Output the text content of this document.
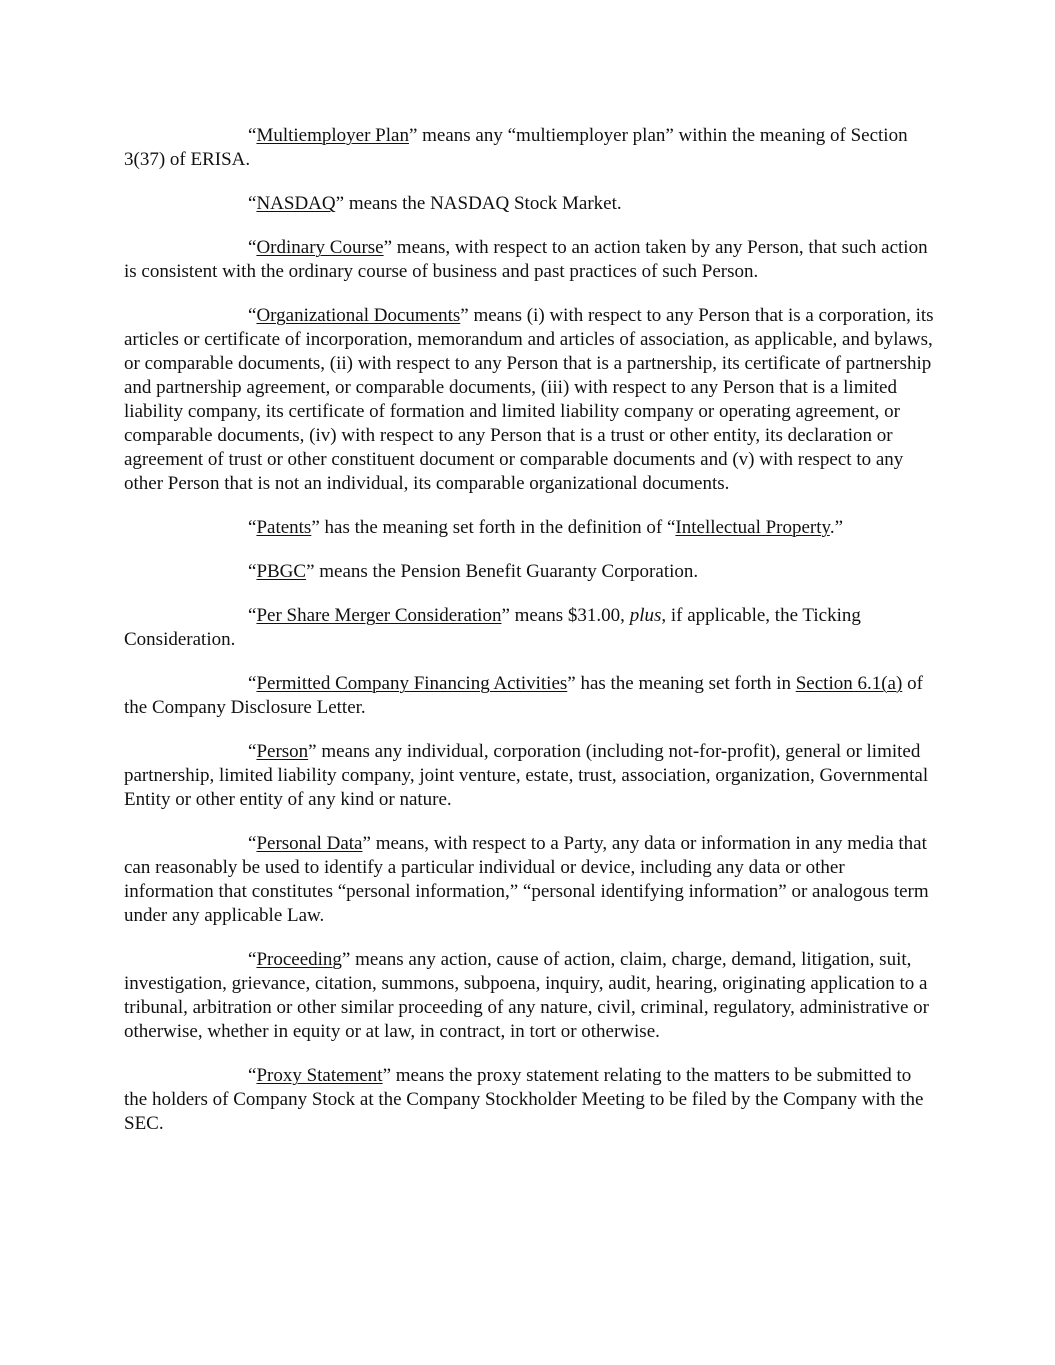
“Multiemployer Plan” means any “multiemployer plan” within the meaning of Section 3(37) of ERISA.

“NASDAQ” means the NASDAQ Stock Market.

“Ordinary Course” means, with respect to an action taken by any Person, that such action is consistent with the ordinary course of business and past practices of such Person.

“Organizational Documents” means (i) with respect to any Person that is a corporation, its articles or certificate of incorporation, memorandum and articles of association, as applicable, and bylaws, or comparable documents, (ii) with respect to any Person that is a partnership, its certificate of partnership and partnership agreement, or comparable documents, (iii) with respect to any Person that is a limited liability company, its certificate of formation and limited liability company or operating agreement, or comparable documents, (iv) with respect to any Person that is a trust or other entity, its declaration or agreement of trust or other constituent document or comparable documents and (v) with respect to any other Person that is not an individual, its comparable organizational documents.

“Patents” has the meaning set forth in the definition of “Intellectual Property.”

“PBGC” means the Pension Benefit Guaranty Corporation.

“Per Share Merger Consideration” means $31.00, plus, if applicable, the Ticking Consideration.

“Permitted Company Financing Activities” has the meaning set forth in Section 6.1(a) of the Company Disclosure Letter.

“Person” means any individual, corporation (including not-for-profit), general or limited partnership, limited liability company, joint venture, estate, trust, association, organization, Governmental Entity or other entity of any kind or nature.

“Personal Data” means, with respect to a Party, any data or information in any media that can reasonably be used to identify a particular individual or device, including any data or other information that constitutes “personal information,” “personal identifying information” or analogous term under any applicable Law.

“Proceeding” means any action, cause of action, claim, charge, demand, litigation, suit, investigation, grievance, citation, summons, subpoena, inquiry, audit, hearing, originating application to a tribunal, arbitration or other similar proceeding of any nature, civil, criminal, regulatory, administrative or otherwise, whether in equity or at law, in contract, in tort or otherwise.

“Proxy Statement” means the proxy statement relating to the matters to be submitted to the holders of Company Stock at the Company Stockholder Meeting to be filed by the Company with the SEC.
